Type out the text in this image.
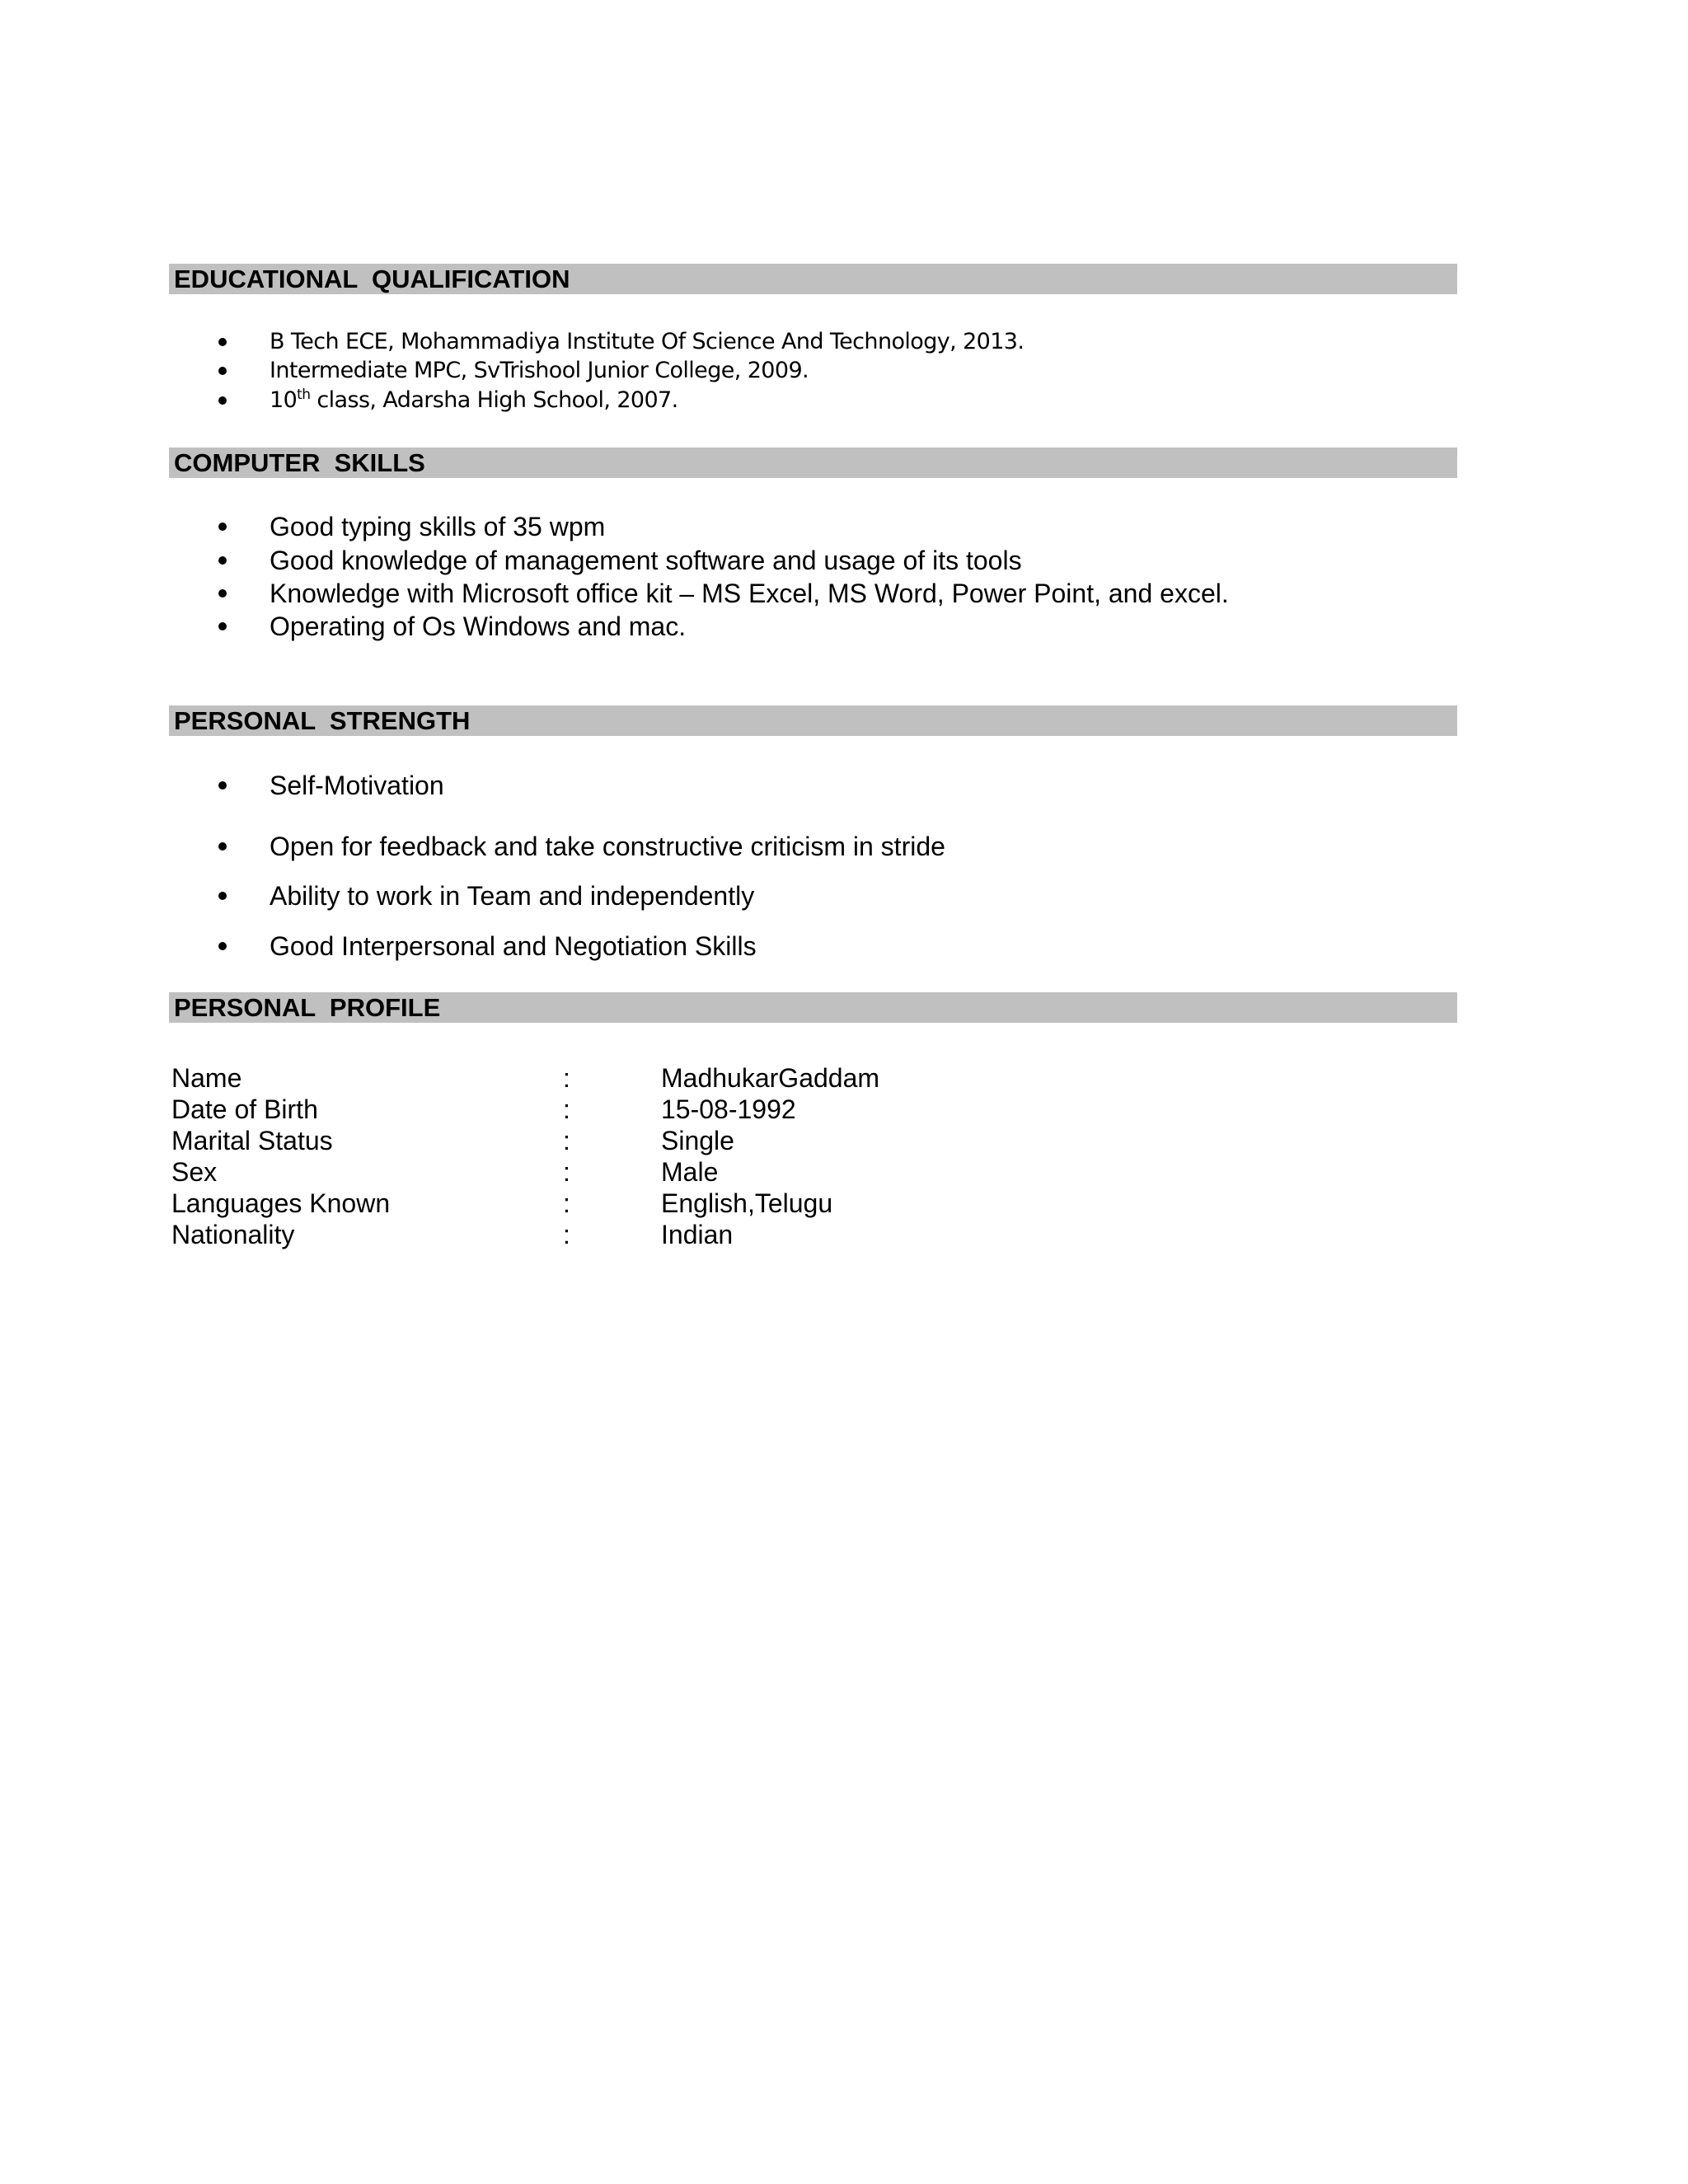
EDUCATIONAL  QUALIFICATION
B Tech ECE, Mohammadiya Institute Of Science And Technology, 2013.
Intermediate MPC, SvTrishool Junior College, 2009.
10th class, Adarsha High School, 2007.
COMPUTER  SKILLS
Good typing skills of 35 wpm
Good knowledge of management software and usage of its tools
Knowledge with Microsoft office kit – MS Excel, MS Word, Power Point, and excel.
Operating of Os Windows and mac.
PERSONAL  STRENGTH
Self-Motivation
Open for feedback and take constructive criticism in stride
Ability to work in Team and independently
Good Interpersonal and Negotiation Skills
PERSONAL  PROFILE
Name	:	MadhukarGaddam
Date of Birth	:	15-08-1992
Marital Status	:	Single
Sex	:	Male
Languages Known	:	English,Telugu
Nationality	:	Indian
